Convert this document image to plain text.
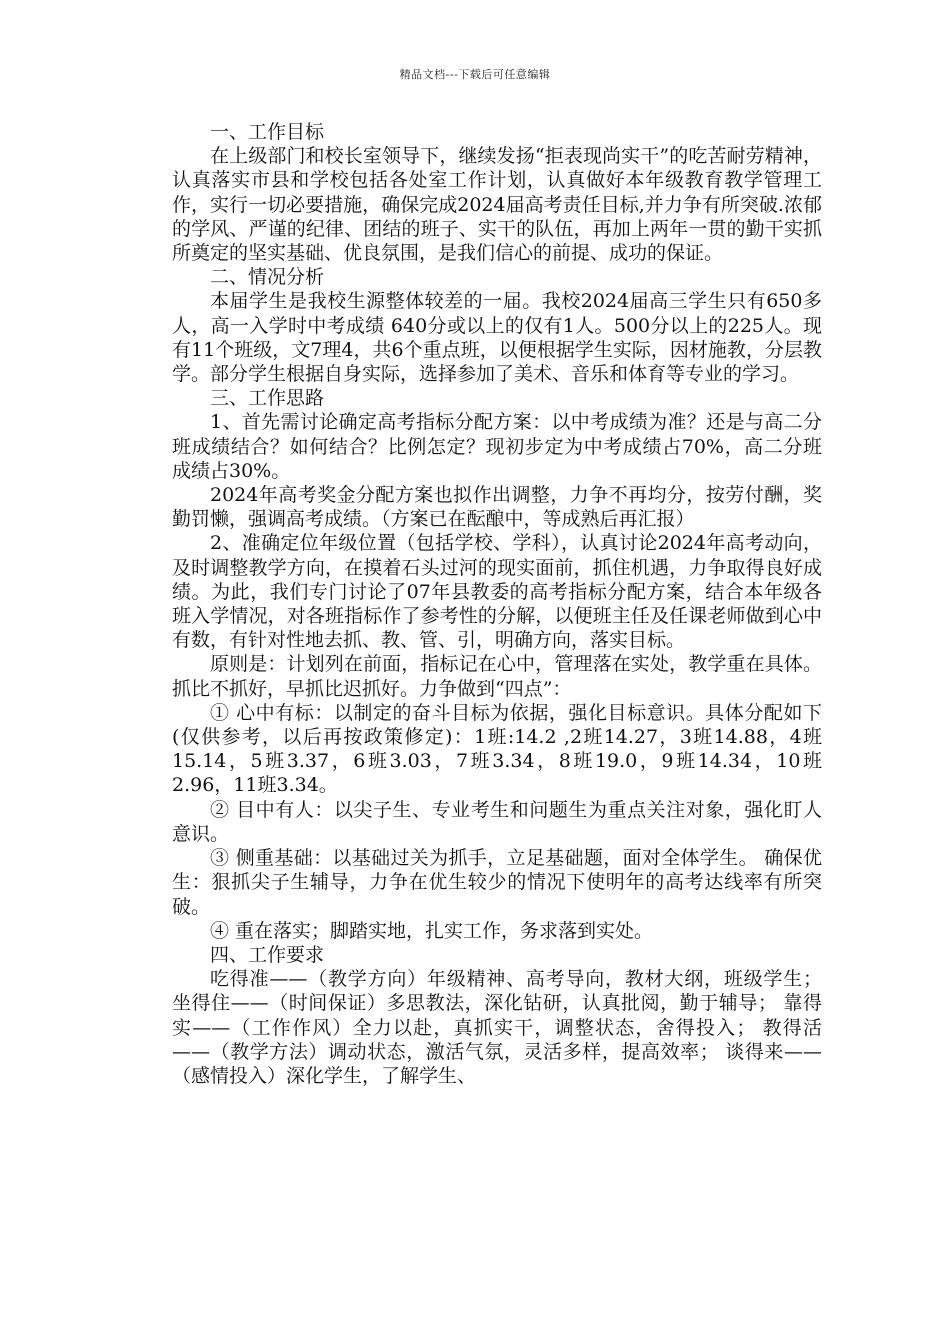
精品文档---下载后可任意编辑

一、工作目标

在上级部门和校长室领导下，继续发扬“拒表现尚实干”的吃苦耐劳精神，认真落实市县和学校包括各处室工作计划，认真做好本年级教育教学管理工作，实行一切必要措施，确保完成2024届高考责任目标,并力争有所突破.浓郁的学风、严谨的纪律、团结的班子、实干的队伍，再加上两年一贯的勤干实抓所奠定的坚实基础、优良氛围，是我们信心的前提、成功的保证。

二、情况分析

本届学生是我校生源整体较差的一届。我校2024届高三学生只有650多人，高一入学时中考成绩 640分或以上的仅有1人。500分以上的225人。现有11个班级，文7理4，共6个重点班，以便根据学生实际，因材施教，分层教学。部分学生根据自身实际，选择参加了美术、音乐和体育等专业的学习。

三、工作思路

1、首先需讨论确定高考指标分配方案：以中考成绩为准？还是与高二分班成绩结合？如何结合？比例怎定？现初步定为中考成绩占70%，高二分班成绩占30%。

2024年高考奖金分配方案也拟作出调整，力争不再均分，按劳付酬，奖勤罚懒，强调高考成绩。（方案已在酝酿中，等成熟后再汇报）

2、准确定位年级位置（包括学校、学科），认真讨论2024年高考动向，及时调整教学方向，在摸着石头过河的现实面前，抓住机遇，力争取得良好成绩。为此，我们专门讨论了07年县教委的高考指标分配方案，结合本年级各班入学情况，对各班指标作了参考性的分解，以便班主任及任课老师做到心中有数，有针对性地去抓、教、管、引，明确方向，落实目标。

原则是：计划列在前面，指标记在心中，管理落在实处，教学重在具体。抓比不抓好，早抓比迟抓好。力争做到“四点”：

① 心中有标：以制定的奋斗目标为依据，强化目标意识。具体分配如下(仅供参考，以后再按政策修定)：1班:14.2 ,2班14.27，3班14.88，4班15.14，5班3.37，6班3.03，7班3.34，8班19.0，9班14.34，10班2.96，11班3.34。

② 目中有人：以尖子生、专业考生和问题生为重点关注对象，强化盯人意识。

③ 侧重基础：以基础过关为抓手，立足基础题，面对全体学生。 确保优生：狠抓尖子生辅导，力争在优生较少的情况下使明年的高考达线率有所突破。

④ 重在落实；脚踏实地，扎实工作，务求落到实处。

四、工作要求

吃得准——（教学方向）年级精神、高考导向，教材大纲，班级学生； 坐得住——（时间保证）多思教法，深化钻研，认真批阅，勤于辅导； 靠得实——（工作作风）全力以赴，真抓实干，调整状态，舍得投入； 教得活——（教学方法）调动状态，激活气氛，灵活多样，提高效率； 谈得来——（感情投入）深化学生，了解学生、
